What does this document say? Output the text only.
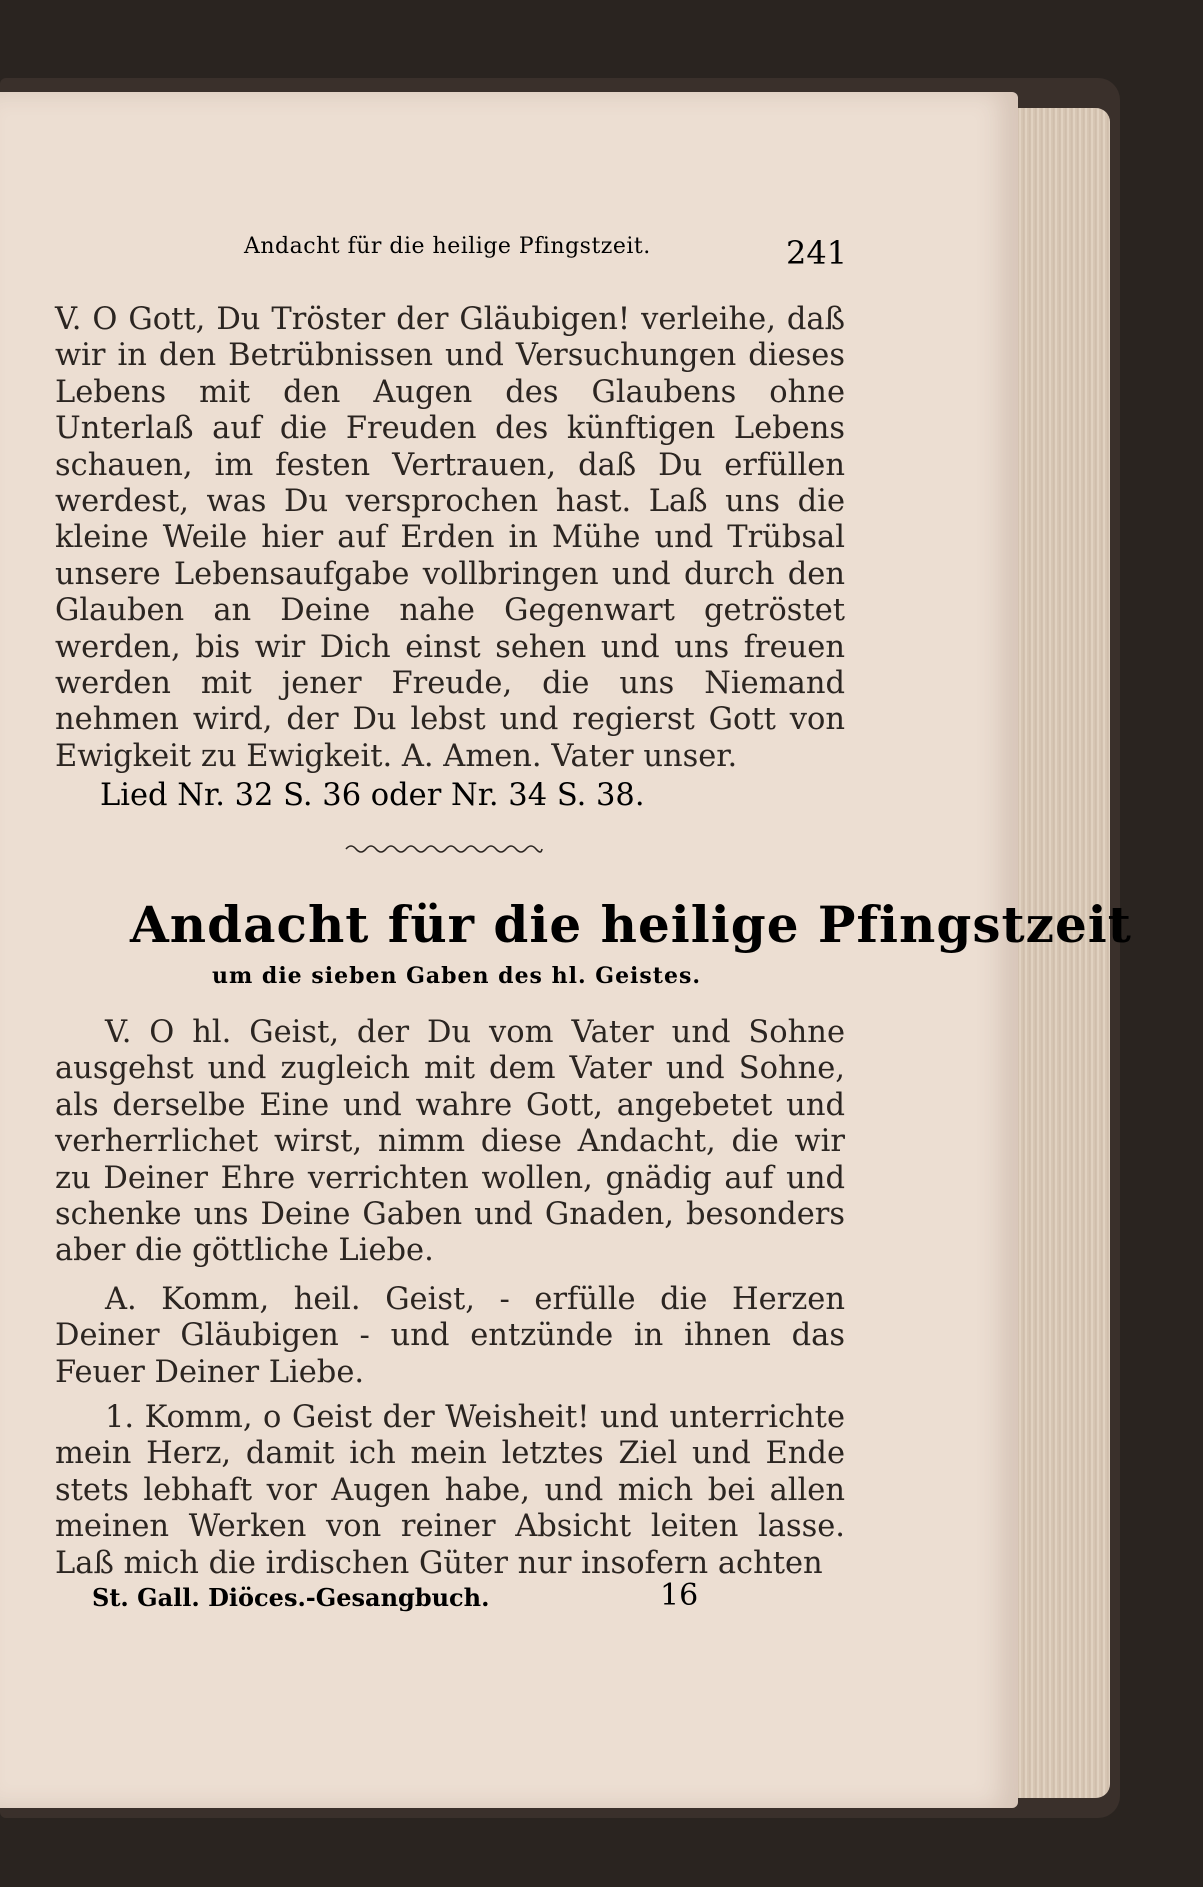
Andacht für die heilige Pfingstzeit.	241

V. O Gott, Du Tröster der Gläubigen! verleihe, daß wir in den Betrübnissen und Versuchungen dieses Lebens mit den Augen des Glaubens ohne Unterlaß auf die Freuden des künftigen Lebens schauen, im festen Vertrauen, daß Du erfüllen werdest, was Du versprochen hast. Laß uns die kleine Weile hier auf Erden in Mühe und Trübsal unsere Lebensaufgabe vollbringen und durch den Glauben an Deine nahe Gegenwart getröstet werden, bis wir Dich einst sehen und uns freuen werden mit jener Freude, die uns Niemand nehmen wird, der Du lebst und regierst Gott von Ewigkeit zu Ewigkeit. A. Amen. Vater unser.

Lied Nr. 32 S. 36 oder Nr. 34 S. 38.
Andacht für die heilige Pfingstzeit
um die sieben Gaben des hl. Geistes.

V. O hl. Geist, der Du vom Vater und Sohne ausgehst und zugleich mit dem Vater und Sohne, als derselbe Eine und wahre Gott, angebetet und verherrlichet wirst, nimm diese Andacht, die wir zu Deiner Ehre verrichten wollen, gnädig auf und schenke uns Deine Gaben und Gnaden, besonders aber die göttliche Liebe.

A. Komm, heil. Geist, - erfülle die Herzen Deiner Gläubigen - und entzünde in ihnen das Feuer Deiner Liebe.

1. Komm, o Geist der Weisheit! und unterrichte mein Herz, damit ich mein letztes Ziel und Ende stets lebhaft vor Augen habe, und mich bei allen meinen Werken von reiner Absicht leiten lasse. Laß mich die irdischen Güter nur insofern achten

St. Gall. Diöces.-Gesangbuch.	16
